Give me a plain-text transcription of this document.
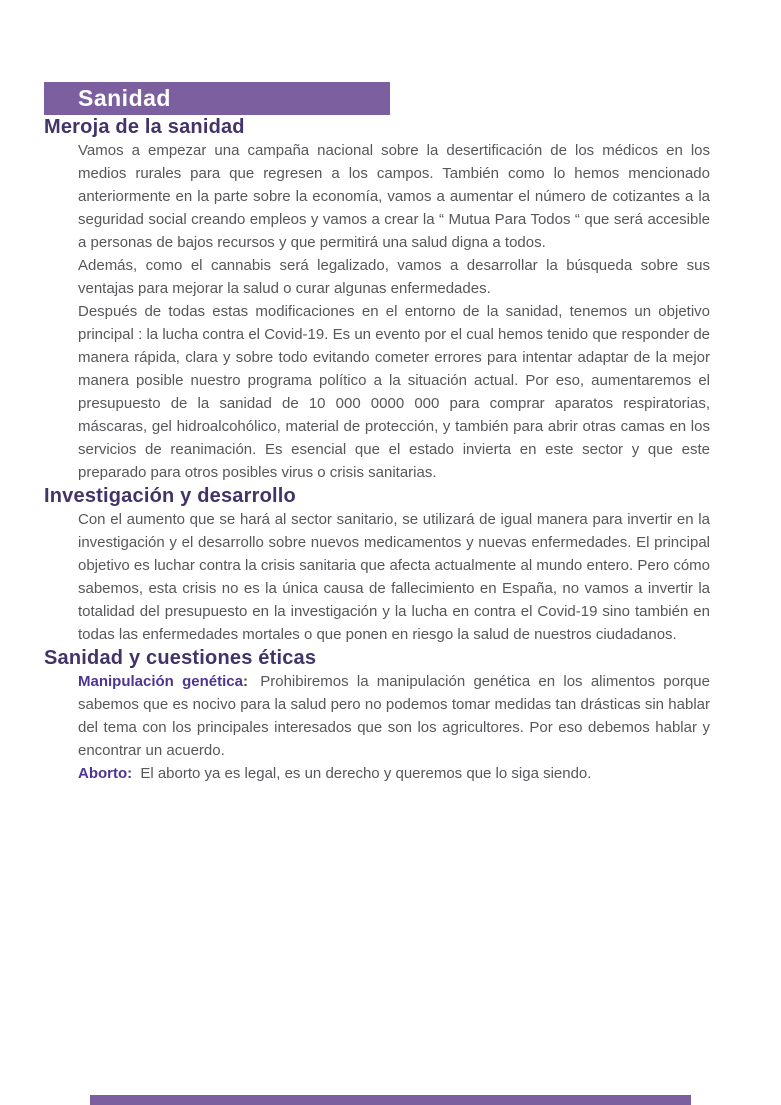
Sanidad
Meroja de la sanidad

Vamos a empezar una campaña nacional sobre la desertificación de los médicos en los medios rurales para que regresen a los campos. También como lo hemos mencionado anteriormente en la parte sobre la economía, vamos a aumentar el número de cotizantes a la seguridad social creando empleos y vamos a crear la “ Mutua Para Todos “ que será accesible a personas de bajos recursos y que permitirá una salud digna a todos.

Además, como el cannabis será legalizado, vamos a desarrollar la búsqueda sobre sus ventajas para mejorar la salud o curar algunas enfermedades.

Después de todas estas modificaciones en el entorno de la sanidad, tenemos un objetivo principal : la lucha contra el Covid-19. Es un evento por el cual hemos tenido que responder de manera rápida, clara y sobre todo evitando cometer errores para intentar adaptar de la mejor manera posible nuestro programa político a la situación actual. Por eso, aumentaremos el presupuesto de la sanidad de 10 000 0000 000 para comprar aparatos respiratorias, máscaras, gel hidroalcohólico, material de protección, y también para abrir otras camas en los servicios de reanimación. Es esencial que el estado invierta en este sector y que este preparado para otros posibles virus o crisis sanitarias.

Investigación y desarrollo

Con el aumento que se hará al sector sanitario, se utilizará de igual manera para invertir en la investigación y el desarrollo sobre nuevos medicamentos y nuevas enfermedades. El principal objetivo es luchar contra la crisis sanitaria que afecta actualmente al mundo entero. Pero cómo sabemos, esta crisis no es la única causa de fallecimiento en España, no vamos a invertir la totalidad del presupuesto en la investigación y la lucha en contra el Covid-19 sino también en todas las enfermedades mortales o que ponen en riesgo la salud de nuestros ciudadanos.

Sanidad y cuestiones éticas

Manipulación genética: Prohibiremos la manipulación genética en los alimentos porque sabemos que es nocivo para la salud pero no podemos tomar medidas tan drásticas sin hablar del tema con los principales interesados que son los agricultores. Por eso debemos hablar y encontrar un acuerdo.

Aborto: El aborto ya es legal, es un derecho y queremos que lo siga siendo.
